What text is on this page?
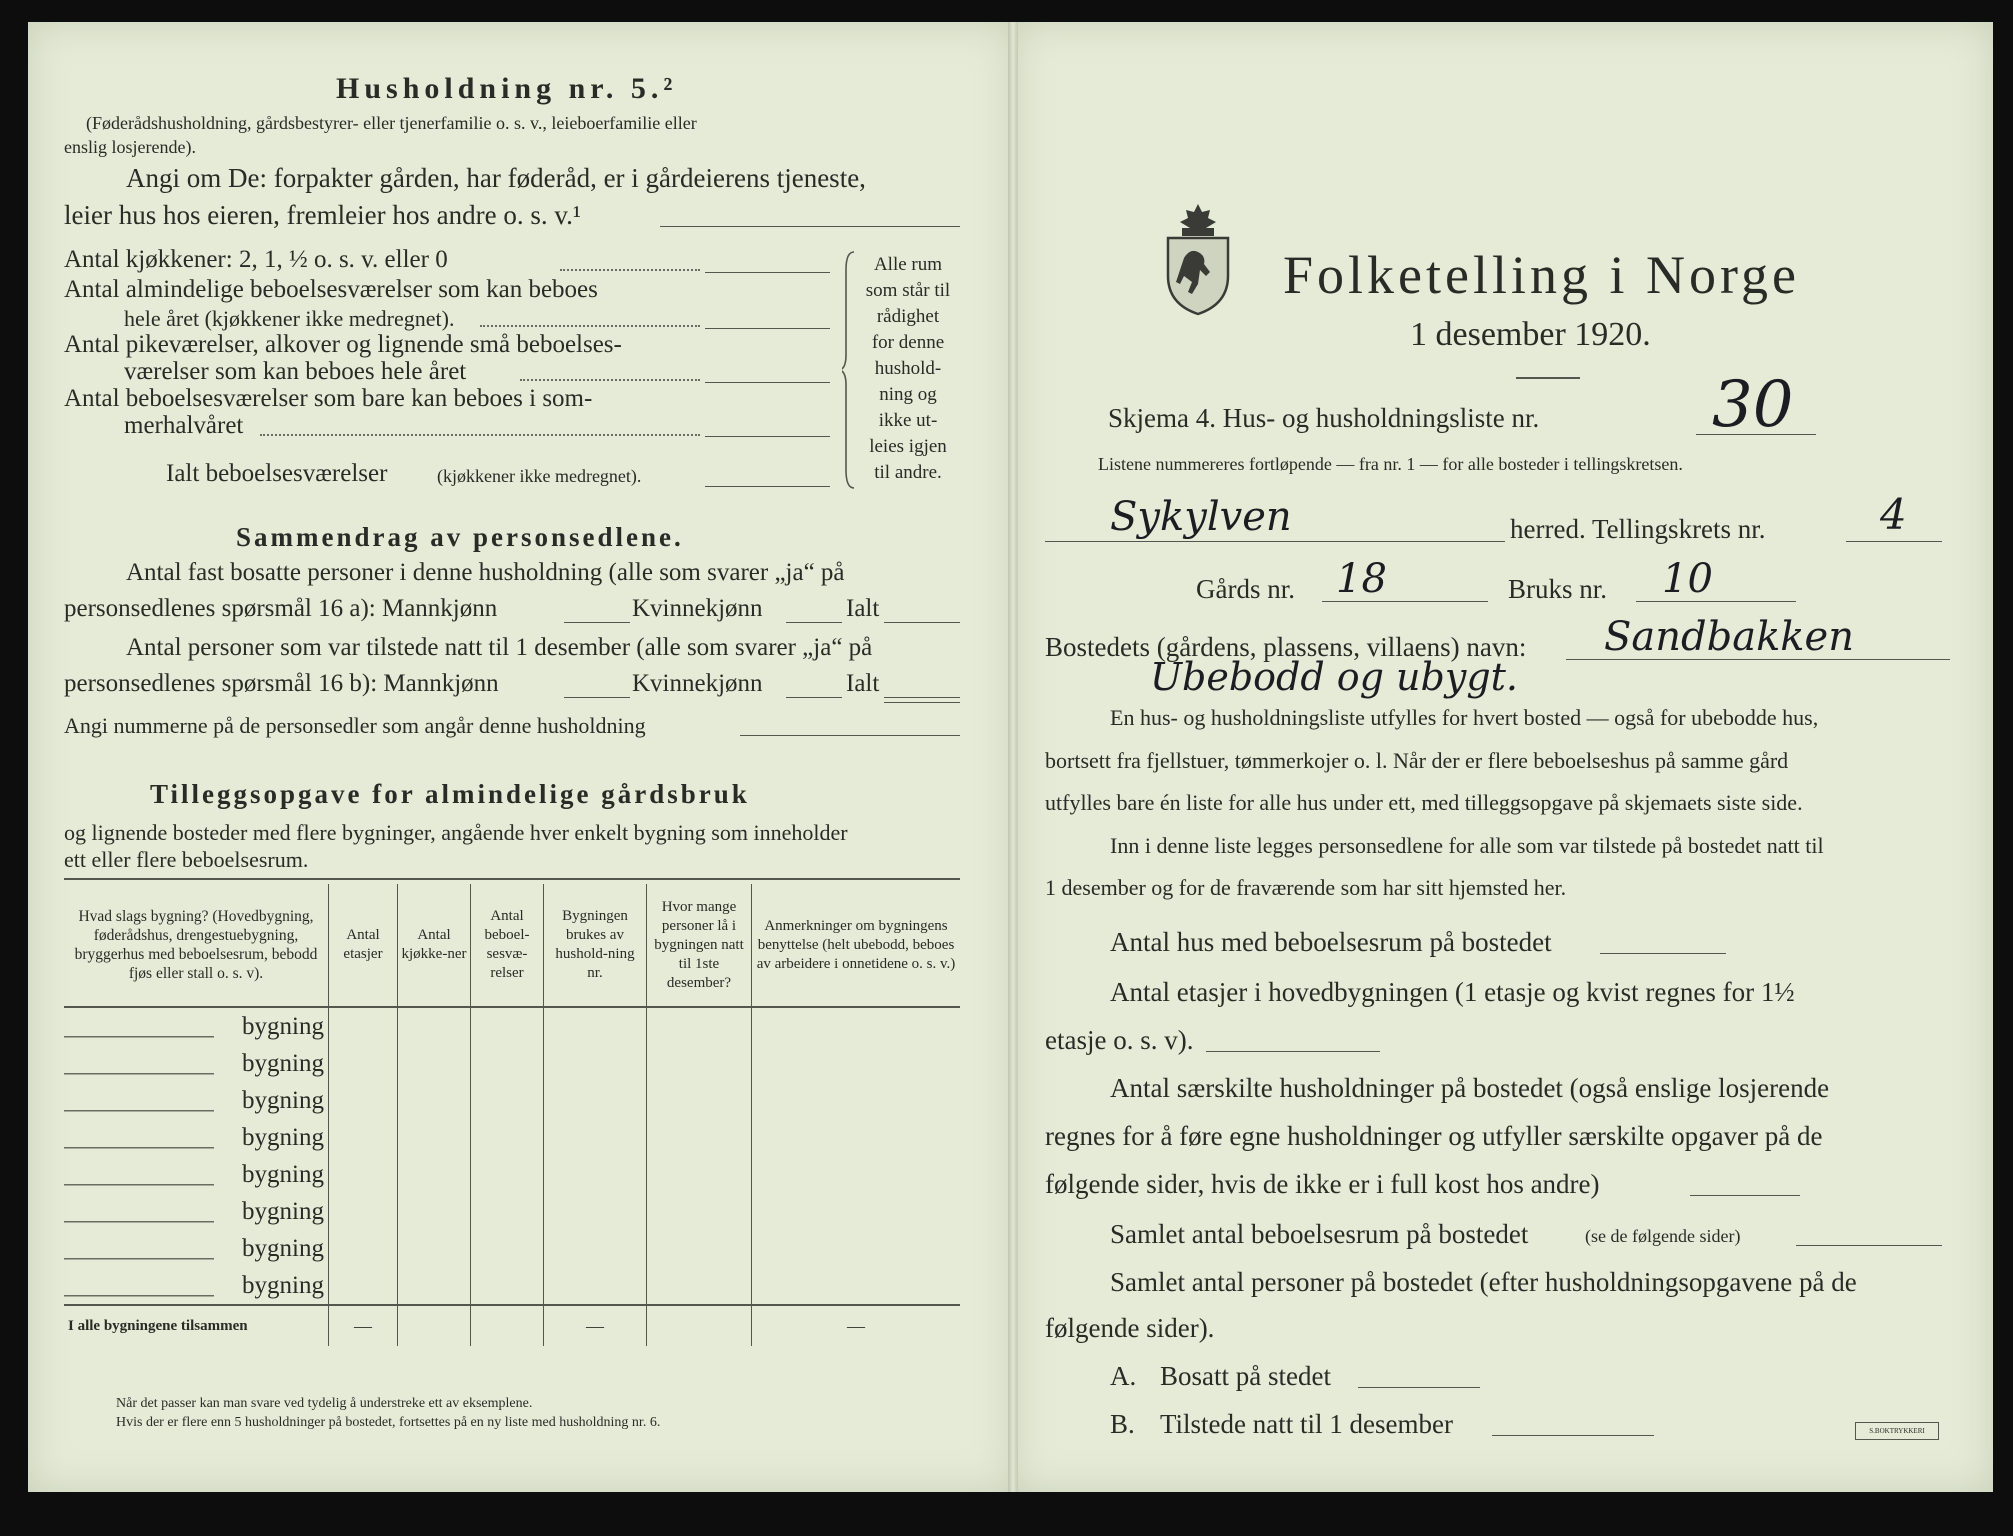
Husholdning nr. 5.²
(Føderådshusholdning, gårdsbestyrer- eller tjenerfamilie o. s. v., leieboerfamilie eller
enslig losjerende).
Angi om De: forpakter gården, har føderåd, er i gårdeierens tjeneste,
leier hus hos eieren, fremleier hos andre o. s. v.¹
Antal kjøkkener: 2, 1, ½ o. s. v. eller 0
Antal almindelige beboelsesværelser som kan beboes
hele året (kjøkkener ikke medregnet).
Antal pikeværelser, alkover og lignende små beboelses-
værelser som kan beboes hele året
Antal beboelsesværelser som bare kan beboes i som-
merhalvåret
Ialt beboelsesværelser	(kjøkkener ikke medregnet).
Alle rum
som står til
rådighet
for denne
hushold-
ning og
ikke ut-
leies igjen
til andre.
Sammendrag av personsedlene.
Antal fast bosatte personer i denne husholdning (alle som svarer „ja“ på
personsedlenes spørsmål 16 a): Mannkjønn	Kvinnekjønn	Ialt
Antal personer som var tilstede natt til 1 desember (alle som svarer „ja“ på
personsedlenes spørsmål 16 b): Mannkjønn	Kvinnekjønn	Ialt
Angi nummerne på de personsedler som angår denne husholdning
Tilleggsopgave for almindelige gårdsbruk
og lignende bosteder med flere bygninger, angående hver enkelt bygning som inneholder
ett eller flere beboelsesrum.
Hvad slags bygning? (Hovedbygning, føderådshus, drengestuebygning, bryggerhus med beboelsesrum, bebodd fjøs eller stall o. s. v).	Antal etasjer	Antal kjøkke-ner	Antal beboel-sesvæ-relser	Bygningen brukes av hushold-ning nr.	Hvor mange personer lå i bygningen natt til 1ste desember?	Anmerkninger om bygningens benyttelse (helt ubebodd, beboes av arbeidere i onnetidene o. s. v.)
bygning						
bygning						
bygning						
bygning						
bygning						
bygning						
bygning						
bygning						
I alle bygningene tilsammen	—			—		—
Når det passer kan man svare ved tydelig å understreke ett av eksemplene.
Hvis der er flere enn 5 husholdninger på bostedet, fortsettes på en ny liste med husholdning nr. 6.
Folketelling i Norge
1 desember 1920.
Skjema 4. Hus- og husholdningsliste nr.	30
Listene nummereres fortløpende — fra nr. 1 — for alle bosteder i tellingskretsen.
Sykylven	herred. Tellingskrets nr.	4
Gårds nr. 18	Bruks nr. 10
Bostedets (gårdens, plassens, villaens) navn: Sandbakken
Ubebodd og ubygt.
En hus- og husholdningsliste utfylles for hvert bosted — også for ubebodde hus,
bortsett fra fjellstuer, tømmerkojer o. l. Når der er flere beboelseshus på samme gård
utfylles bare én liste for alle hus under ett, med tilleggsopgave på skjemaets siste side.
Inn i denne liste legges personsedlene for alle som var tilstede på bostedet natt til
1 desember og for de fraværende som har sitt hjemsted her.
Antal hus med beboelsesrum på bostedet
Antal etasjer i hovedbygningen (1 etasje og kvist regnes for 1½
etasje o. s. v).
Antal særskilte husholdninger på bostedet (også enslige losjerende
regnes for å føre egne husholdninger og utfyller særskilte opgaver på de
følgende sider, hvis de ikke er i full kost hos andre)
Samlet antal beboelsesrum på bostedet	(se de følgende sider)
Samlet antal personer på bostedet (efter husholdningsopgavene på de
følgende sider).
A. Bosatt på stedet
B. Tilstede natt til 1 desember	S.BOKTRYKKERI
